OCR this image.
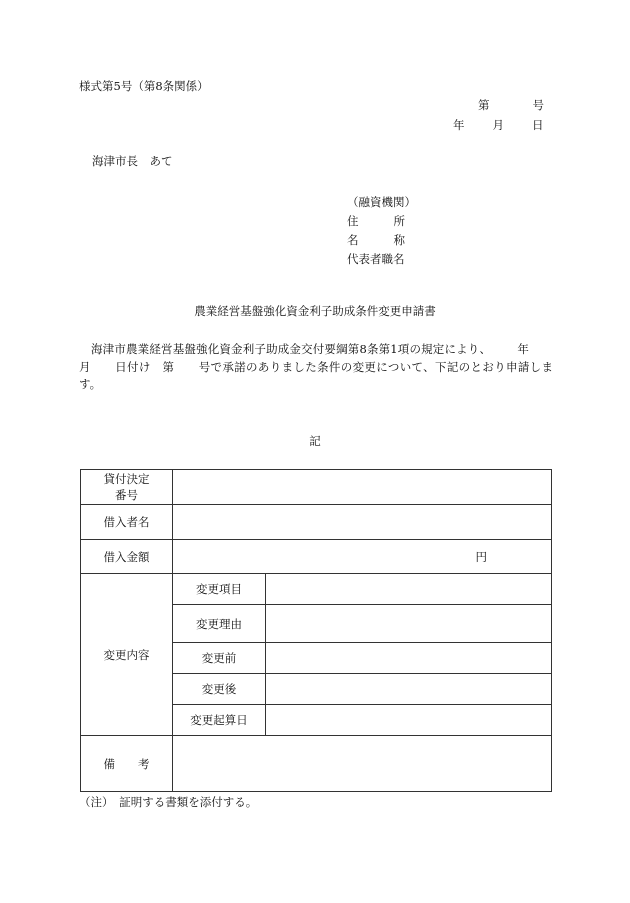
様式第5号（第8条関係）
第	号
年 月 日
海津市長　あて
（融資機関）
住所
名称
代表者職名
農業経営基盤強化資金利子助成条件変更申請書
海津市農業経営基盤強化資金利子助成金交付要綱第8条第1項の規定により、 年月 日付け　第 号で承諾のありました条件の変更について、下記のとおり申請します。
記
貸付決定
番号		
借入者名		
借入金額	円	
変更内容	変更項目	
	変更理由	
	変更前	
	変更後	
	変更起算日	
備　　考		
（注）　証明する書類を添付する。
